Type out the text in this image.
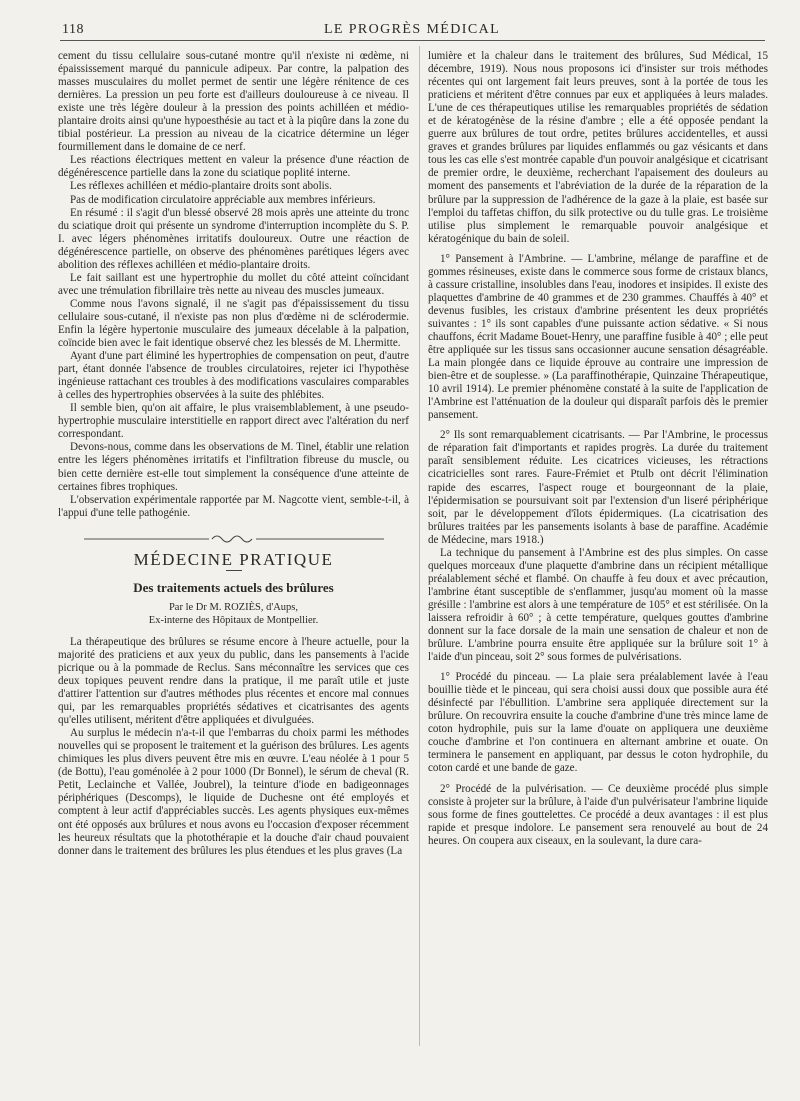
118	LE PROGRÈS MÉDICAL

cement du tissu cellulaire sous-cutané montre qu'il n'existe ni œdème, ni épaississement marqué du pannicule adipeux. Par contre, la palpation des masses musculaires du mollet permet de sentir une légère rénitence de ces dernières. La pression un peu forte est d'ailleurs douloureuse à ce niveau. Il existe une très légère douleur à la pression des points achilléen et médio-plantaire droits ainsi qu'une hypoesthésie au tact et à la piqûre dans la zone du tibial postérieur. La pression au niveau de la cicatrice détermine un léger fourmillement dans le domaine de ce nerf.

Les réactions électriques mettent en valeur la présence d'une réaction de dégénérescence partielle dans la zone du sciatique poplité interne.

Les réflexes achilléen et médio-plantaire droits sont abolis.

Pas de modification circulatoire appréciable aux membres inférieurs.

En résumé : il s'agit d'un blessé observé 28 mois après une atteinte du tronc du sciatique droit qui présente un syndrome d'interruption incomplète du S. P. I. avec légers phénomènes irritatifs douloureux. Outre une réaction de dégénérescence partielle, on observe des phénomènes parétiques légers avec abolition des réflexes achilléen et médio-plantaire droits.

Le fait saillant est une hypertrophie du mollet du côté atteint coïncidant avec une trémulation fibrillaire très nette au niveau des muscles jumeaux.

Comme nous l'avons signalé, il ne s'agit pas d'épaississement du tissu cellulaire sous-cutané, il n'existe pas non plus d'œdème ni de sclérodermie. Enfin la légère hypertonie musculaire des jumeaux décelable à la palpation, coïncide bien avec le fait identique observé chez les blessés de M. Lhermitte.

Ayant d'une part éliminé les hypertrophies de compensation on peut, d'autre part, étant donnée l'absence de troubles circulatoires, rejeter ici l'hypothèse ingénieuse rattachant ces troubles à des modifications vasculaires comparables à celles des hypertrophies observées à la suite des phlébites.

Il semble bien, qu'on ait affaire, le plus vraisemblablement, à une pseudo-hypertrophie musculaire interstitielle en rapport direct avec l'altération du nerf correspondant.

Devons-nous, comme dans les observations de M. Tinel, établir une relation entre les légers phénomènes irritatifs et l'infiltration fibreuse du muscle, ou bien cette dernière est-elle tout simplement la conséquence d'une atteinte de certaines fibres trophiques.

L'observation expérimentale rapportée par M. Nagcotte vient, semble-t-il, à l'appui d'une telle pathogénie.

MÉDECINE PRATIQUE
Des traitements actuels des brûlures
Par le Dr M. ROZIÈS, d'Aups,
Ex-interne des Hôpitaux de Montpellier.

La thérapeutique des brûlures se résume encore à l'heure actuelle, pour la majorité des praticiens et aux yeux du public, dans les pansements à l'acide picrique ou à la pommade de Reclus. Sans méconnaître les services que ces deux topiques peuvent rendre dans la pratique, il me paraît utile et juste d'attirer l'attention sur d'autres méthodes plus récentes et encore mal connues qui, par les remarquables propriétés sédatives et cicatrisantes des agents qu'elles utilisent, méritent d'être appliquées et divulguées.

Au surplus le médecin n'a-t-il que l'embarras du choix parmi les méthodes nouvelles qui se proposent le traitement et la guérison des brûlures. Les agents chimiques les plus divers peuvent être mis en œuvre. L'eau néolée à 1 pour 5 (de Bottu), l'eau goménolée à 2 pour 1000 (Dr Bonnel), le sérum de cheval (R. Petit, Leclainche et Vallée, Joubrel), la teinture d'iode en badigeonnages périphériques (Descomps), le liquide de Duchesne ont été employés et comptent à leur actif d'appréciables succès. Les agents physiques eux-mêmes ont été opposés aux brûlures et nous avons eu l'occasion d'exposer récemment les heureux résultats que la photothérapie et la douche d'air chaud pouvaient donner dans le traitement des brûlures les plus étendues et les plus graves (La

lumière et la chaleur dans le traitement des brûlures, Sud Médical, 15 décembre, 1919). Nous nous proposons ici d'insister sur trois méthodes récentes qui ont largement fait leurs preuves, sont à la portée de tous les praticiens et méritent d'être connues par eux et appliquées à leurs malades. L'une de ces thérapeutiques utilise les remarquables propriétés de sédation et de kératogénèse de la résine d'ambre ; elle a été opposée pendant la guerre aux brûlures de tout ordre, petites brûlures accidentelles, et aussi graves et grandes brûlures par liquides enflammés ou gaz vésicants et dans tous les cas elle s'est montrée capable d'un pouvoir analgésique et cicatrisant de premier ordre, le deuxième, recherchant l'apaisement des douleurs au moment des pansements et l'abréviation de la durée de la réparation de la brûlure par la suppression de l'adhérence de la gaze à la plaie, est basée sur l'emploi du taffetas chiffon, du silk protective ou du tulle gras. Le troisième utilise plus simplement le remarquable pouvoir analgésique et kératogénique du bain de soleil.

1° Pansement à l'Ambrine. — L'ambrine, mélange de paraffine et de gommes résineuses, existe dans le commerce sous forme de cristaux blancs, à cassure cristalline, insolubles dans l'eau, inodores et insipides. Il existe des plaquettes d'ambrine de 40 grammes et de 230 grammes. Chauffés à 40° et devenus fusibles, les cristaux d'ambrine présentent les deux propriétés suivantes : 1° ils sont capables d'une puissante action sédative. « Si nous chauffons, écrit Madame Bouet-Henry, une paraffine fusible à 40° ; elle peut être appliquée sur les tissus sans occasionner aucune sensation désagréable. La main plongée dans ce liquide éprouve au contraire une impression de bien-être et de souplesse. » (La paraffinothérapie, Quinzaine Thérapeutique, 10 avril 1914). Le premier phénomène constaté à la suite de l'application de l'Ambrine est l'atténuation de la douleur qui disparaît parfois dès le premier pansement.

2° Ils sont remarquablement cicatrisants. — Par l'Ambrine, le processus de réparation fait d'importants et rapides progrès. La durée du traitement paraît sensiblement réduite. Les cicatrices vicieuses, les rétractions cicatricielles sont rares. Faure-Frémiet et Ptulb ont décrit l'élimination rapide des escarres, l'aspect rouge et bourgeonnant de la plaie, l'épidermisation se poursuivant soit par l'extension d'un liseré périphérique soit, par le développement d'îlots épidermiques. (La cicatrisation des brûlures traitées par les pansements isolants à base de paraffine. Académie de Médecine, mars 1918.)

La technique du pansement à l'Ambrine est des plus simples. On casse quelques morceaux d'une plaquette d'ambrine dans un récipient métallique préalablement séché et flambé. On chauffe à feu doux et avec précaution, l'ambrine étant susceptible de s'enflammer, jusqu'au moment où la masse grésille : l'ambrine est alors à une température de 105° et est stérilisée. On la laissera refroidir à 60° ; à cette température, quelques gouttes d'ambrine donnent sur la face dorsale de la main une sensation de chaleur et non de brûlure. L'ambrine pourra ensuite être appliquée sur la brûlure soit 1° à l'aide d'un pinceau, soit 2° sous formes de pulvérisations.

1° Procédé du pinceau. — La plaie sera préalablement lavée à l'eau bouillie tiède et le pinceau, qui sera choisi aussi doux que possible aura été désinfecté par l'ébullition. L'ambrine sera appliquée directement sur la brûlure. On recouvrira ensuite la couche d'ambrine d'une très mince lame de coton hydrophile, puis sur la lame d'ouate on appliquera une deuxième couche d'ambrine et l'on continuera en alternant ambrine et ouate. On terminera le pansement en appliquant, par dessus le coton hydrophile, du coton cardé et une bande de gaze.

2° Procédé de la pulvérisation. — Ce deuxième procédé plus simple consiste à projeter sur la brûlure, à l'aide d'un pulvérisateur l'ambrine liquide sous forme de fines gouttelettes. Ce procédé a deux avantages : il est plus rapide et presque indolore. Le pansement sera renouvelé au bout de 24 heures. On coupera aux ciseaux, en la soulevant, la dure cara-
